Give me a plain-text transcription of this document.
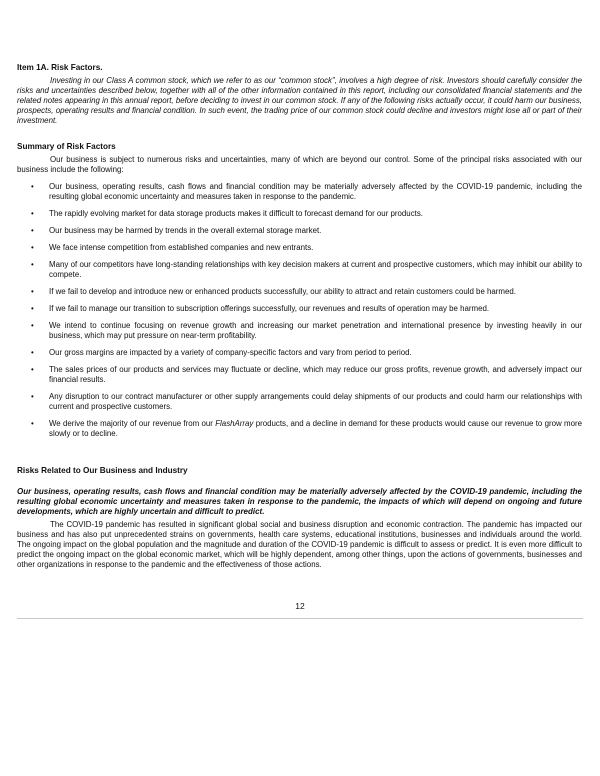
Item 1A. Risk Factors.
Investing in our Class A common stock, which we refer to as our “common stock”, involves a high degree of risk. Investors should carefully consider the risks and uncertainties described below, together with all of the other information contained in this report, including our consolidated financial statements and the related notes appearing in this annual report, before deciding to invest in our common stock. If any of the following risks actually occur, it could harm our business, prospects, operating results and financial condition. In such event, the trading price of our common stock could decline and investors might lose all or part of their investment.
Summary of Risk Factors
Our business is subject to numerous risks and uncertainties, many of which are beyond our control. Some of the principal risks associated with our business include the following:
• Our business, operating results, cash flows and financial condition may be materially adversely affected by the COVID-19 pandemic, including the resulting global economic uncertainty and measures taken in response to the pandemic.
• The rapidly evolving market for data storage products makes it difficult to forecast demand for our products.
• Our business may be harmed by trends in the overall external storage market.
• We face intense competition from established companies and new entrants.
• Many of our competitors have long-standing relationships with key decision makers at current and prospective customers, which may inhibit our ability to compete.
• If we fail to develop and introduce new or enhanced products successfully, our ability to attract and retain customers could be harmed.
• If we fail to manage our transition to subscription offerings successfully, our revenues and results of operation may be harmed.
• We intend to continue focusing on revenue growth and increasing our market penetration and international presence by investing heavily in our business, which may put pressure on near-term profitability.
• Our gross margins are impacted by a variety of company-specific factors and vary from period to period.
• The sales prices of our products and services may fluctuate or decline, which may reduce our gross profits, revenue growth, and adversely impact our financial results.
• Any disruption to our contract manufacturer or other supply arrangements could delay shipments of our products and could harm our relationships with current and prospective customers.
• We derive the majority of our revenue from our FlashArray products, and a decline in demand for these products would cause our revenue to grow more slowly or to decline.
Risks Related to Our Business and Industry
Our business, operating results, cash flows and financial condition may be materially adversely affected by the COVID-19 pandemic, including the resulting global economic uncertainty and measures taken in response to the pandemic, the impacts of which will depend on ongoing and future developments, which are highly uncertain and difficult to predict.
The COVID-19 pandemic has resulted in significant global social and business disruption and economic contraction. The pandemic has impacted our business and has also put unprecedented strains on governments, health care systems, educational institutions, businesses and individuals around the world. The ongoing impact on the global population and the magnitude and duration of the COVID-19 pandemic is difficult to assess or predict. It is even more difficult to predict the ongoing impact on the global economic market, which will be highly dependent, among other things, upon the actions of governments, businesses and other organizations in response to the pandemic and the effectiveness of those actions.
12
